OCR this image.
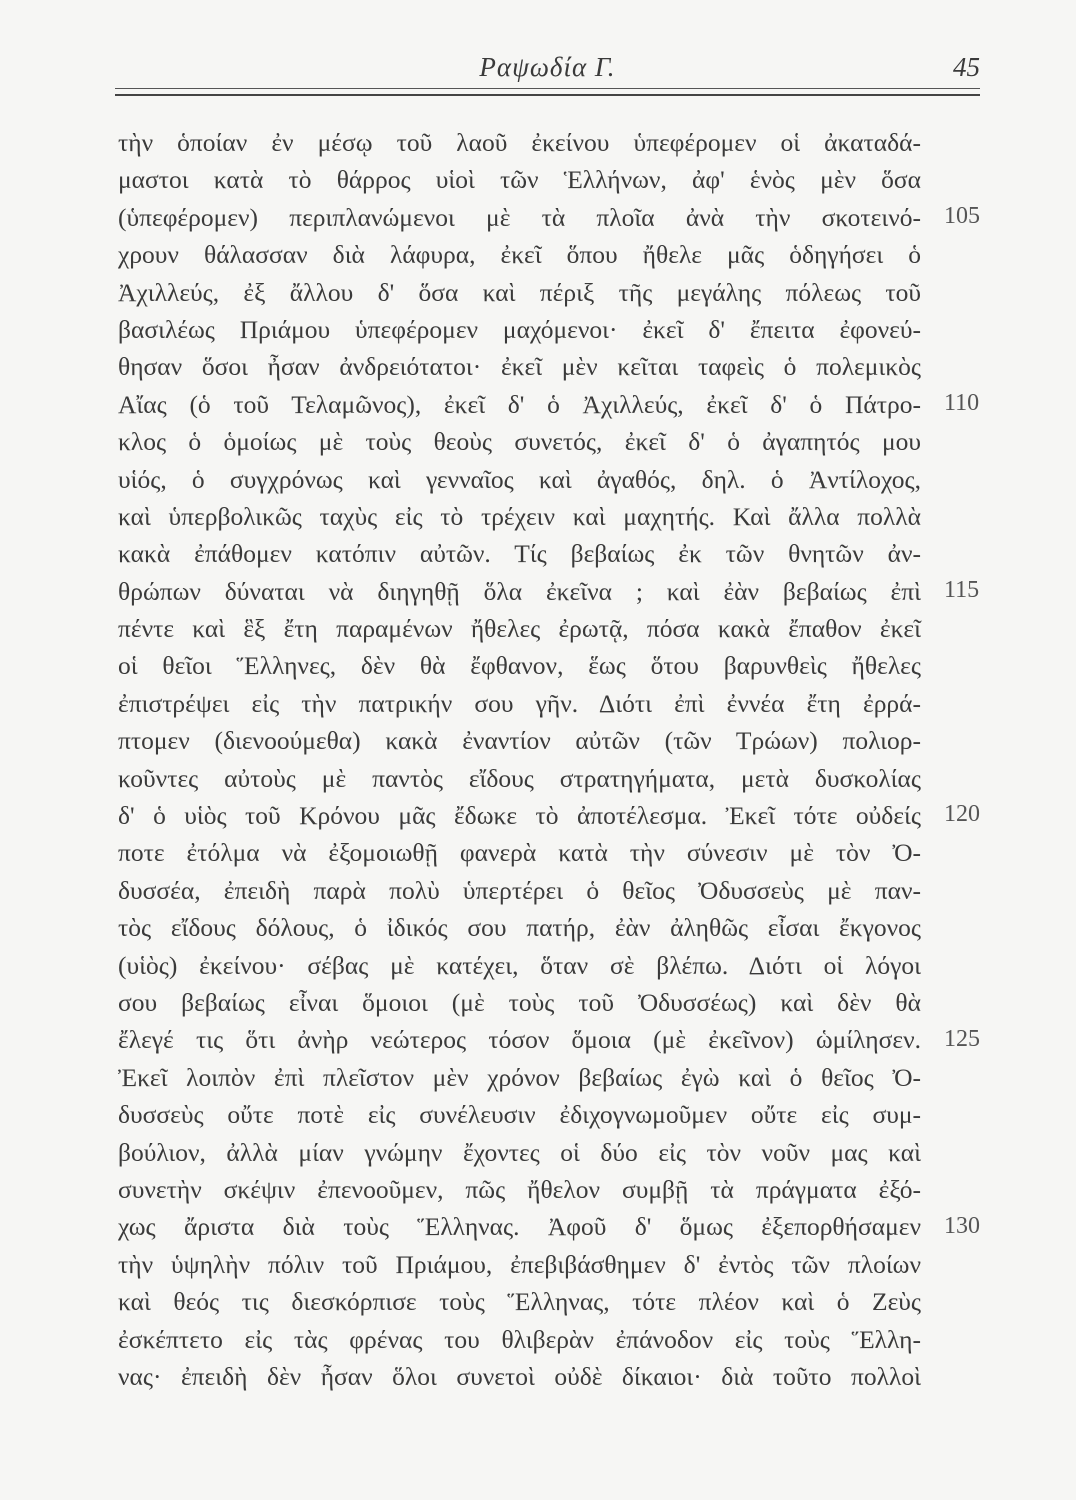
Ραψωδία Γ.	45
τὴν ὁποίαν ἐν μέσῳ τοῦ λαοῦ ἐκείνου ὑπεφέρομεν οἱ ἀκαταδά-
μαστοι κατὰ τὸ θάρρος υἱοὶ τῶν Ἑλλήνων, ἀφ' ἑνὸς μὲν ὅσα
(ὑπεφέρομεν) περιπλανώμενοι μὲ τὰ πλοῖα ἀνὰ τὴν σκοτεινό-
χρουν θάλασσαν διὰ λάφυρα, ἐκεῖ ὅπου ἤθελε μᾶς ὁδηγήσει ὁ
Ἀχιλλεύς, ἐξ ἄλλου δ' ὅσα καὶ πέριξ τῆς μεγάλης πόλεως τοῦ
βασιλέως Πριάμου ὑπεφέρομεν μαχόμενοι· ἐκεῖ δ' ἔπειτα ἐφονεύ-
θησαν ὅσοι ἦσαν ἀνδρειότατοι· ἐκεῖ μὲν κεῖται ταφεὶς ὁ πολεμικὸς
Αἴας (ὁ τοῦ Τελαμῶνος), ἐκεῖ δ' ὁ Ἀχιλλεύς, ἐκεῖ δ' ὁ Πάτρο-
κλος ὁ ὁμοίως μὲ τοὺς θεοὺς συνετός, ἐκεῖ δ' ὁ ἀγαπητός μου
υἱός, ὁ συγχρόνως καὶ γενναῖος καὶ ἀγαθός, δηλ. ὁ Ἀντίλοχος,
καὶ ὑπερβολικῶς ταχὺς εἰς τὸ τρέχειν καὶ μαχητής. Καὶ ἄλλα πολλὰ
κακὰ ἐπάθομεν κατόπιν αὐτῶν. Τίς βεβαίως ἐκ τῶν θνητῶν ἀν-
θρώπων δύναται νὰ διηγηθῇ ὅλα ἐκεῖνα ; καὶ ἐὰν βεβαίως ἐπὶ
πέντε καὶ ἓξ ἔτη παραμένων ἤθελες ἐρωτᾷ, πόσα κακὰ ἔπαθον ἐκεῖ
οἱ θεῖοι Ἕλληνες, δὲν θὰ ἔφθανον, ἕως ὅτου βαρυνθεὶς ἤθελες
ἐπιστρέψει εἰς τὴν πατρικήν σου γῆν. Διότι ἐπὶ ἐννέα ἔτη ἐρρά-
πτομεν (διενοούμεθα) κακὰ ἐναντίον αὐτῶν (τῶν Τρώων) πολιορ-
κοῦντες αὐτοὺς μὲ παντὸς εἴδους στρατηγήματα, μετὰ δυσκολίας
δ' ὁ υἱὸς τοῦ Κρόνου μᾶς ἔδωκε τὸ ἀποτέλεσμα. Ἐκεῖ τότε οὐδείς
ποτε ἐτόλμα νὰ ἐξομοιωθῇ φανερὰ κατὰ τὴν σύνεσιν μὲ τὸν Ὀ-
δυσσέα, ἐπειδὴ παρὰ πολὺ ὑπερτέρει ὁ θεῖος Ὀδυσσεὺς μὲ παν-
τὸς εἴδους δόλους, ὁ ἰδικός σου πατήρ, ἐὰν ἀληθῶς εἶσαι ἔκγονος
(υἱὸς) ἐκείνου· σέβας μὲ κατέχει, ὅταν σὲ βλέπω. Διότι οἱ λόγοι
σου βεβαίως εἶναι ὅμοιοι (μὲ τοὺς τοῦ Ὀδυσσέως) καὶ δὲν θὰ
ἔλεγέ τις ὅτι ἀνὴρ νεώτερος τόσον ὅμοια (μὲ ἐκεῖνον) ὡμίλησεν.
Ἐκεῖ λοιπὸν ἐπὶ πλεῖστον μὲν χρόνον βεβαίως ἐγὼ καὶ ὁ θεῖος Ὀ-
δυσσεὺς οὔτε ποτὲ εἰς συνέλευσιν ἐδιχογνωμοῦμεν οὔτε εἰς συμ-
βούλιον, ἀλλὰ μίαν γνώμην ἔχοντες οἱ δύο εἰς τὸν νοῦν μας καὶ
συνετὴν σκέψιν ἐπενοοῦμεν, πῶς ἤθελον συμβῇ τὰ πράγματα ἐξό-
χως ἄριστα διὰ τοὺς Ἕλληνας. Ἀφοῦ δ' ὅμως ἐξεπορθήσαμεν
τὴν ὑψηλὴν πόλιν τοῦ Πριάμου, ἐπεβιβάσθημεν δ' ἐντὸς τῶν πλοίων
καὶ θεός τις διεσκόρπισε τοὺς Ἕλληνας, τότε πλέον καὶ ὁ Ζεὺς
ἐσκέπτετο εἰς τὰς φρένας του θλιβερὰν ἐπάνοδον εἰς τοὺς Ἕλλη-
νας· ἐπειδὴ δὲν ἦσαν ὅλοι συνετοὶ οὐδὲ δίκαιοι· διὰ τοῦτο πολλοὶ
105
110
115
120
125
130
